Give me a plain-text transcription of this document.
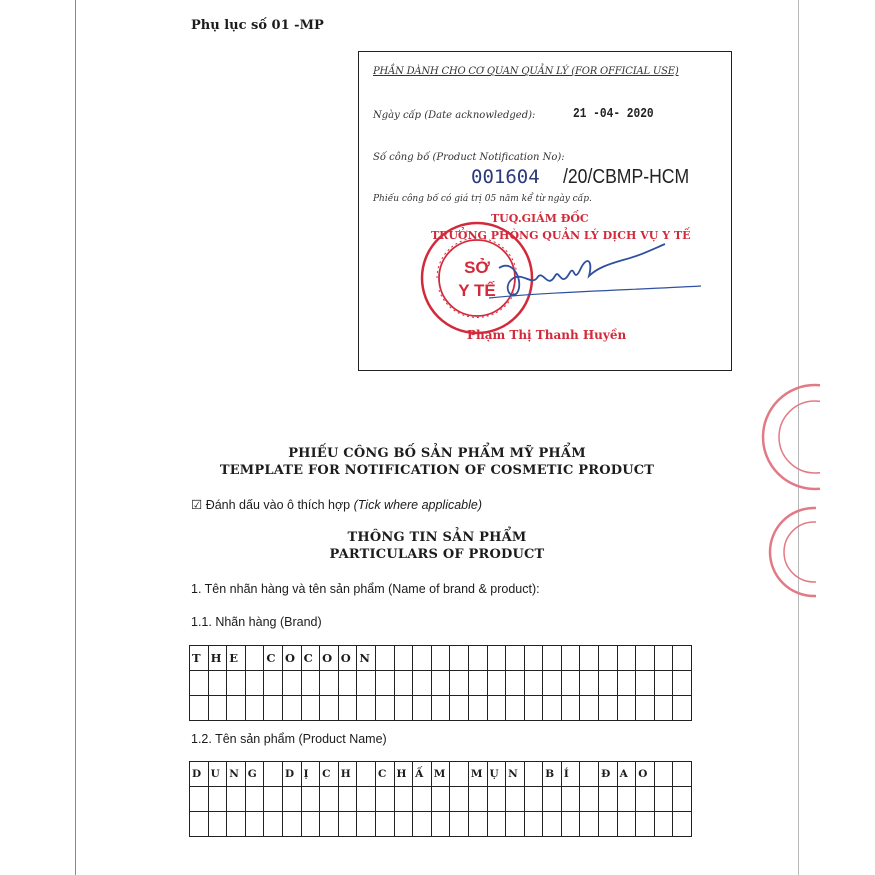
Phụ lục số 01 -MP
PHẦN DÀNH CHO CƠ QUAN QUẢN LÝ (FOR OFFICIAL USE)
Ngày cấp (Date acknowledged):	21 -04- 2020
Số công bố (Product Notification No):
001604 /20/CBMP-HCM
Phiếu công bố có giá trị 05 năm kể từ ngày cấp.
SỞ
Y TẾ
TUQ.GIÁM ĐỐC
TRƯỞNG PHÒNG QUẢN LÝ DỊCH VỤ Y TẾ
Phạm Thị Thanh Huyền
PHIẾU CÔNG BỐ SẢN PHẨM MỸ PHẨM
TEMPLATE FOR NOTIFICATION OF COSMETIC PRODUCT
☑ Đánh dấu vào ô thích hợp (Tick where applicable)
THÔNG TIN SẢN PHẨM
PARTICULARS OF PRODUCT
1. Tên nhãn hàng và tên sản phẩm (Name of brand & product):
1.1. Nhãn hàng (Brand)
T H E	C O C O O N
1.2. Tên sản phẩm (Product Name)
D U N G	D Ị	C H	C H Ấ M	M Ụ N	B Í	Đ A O
